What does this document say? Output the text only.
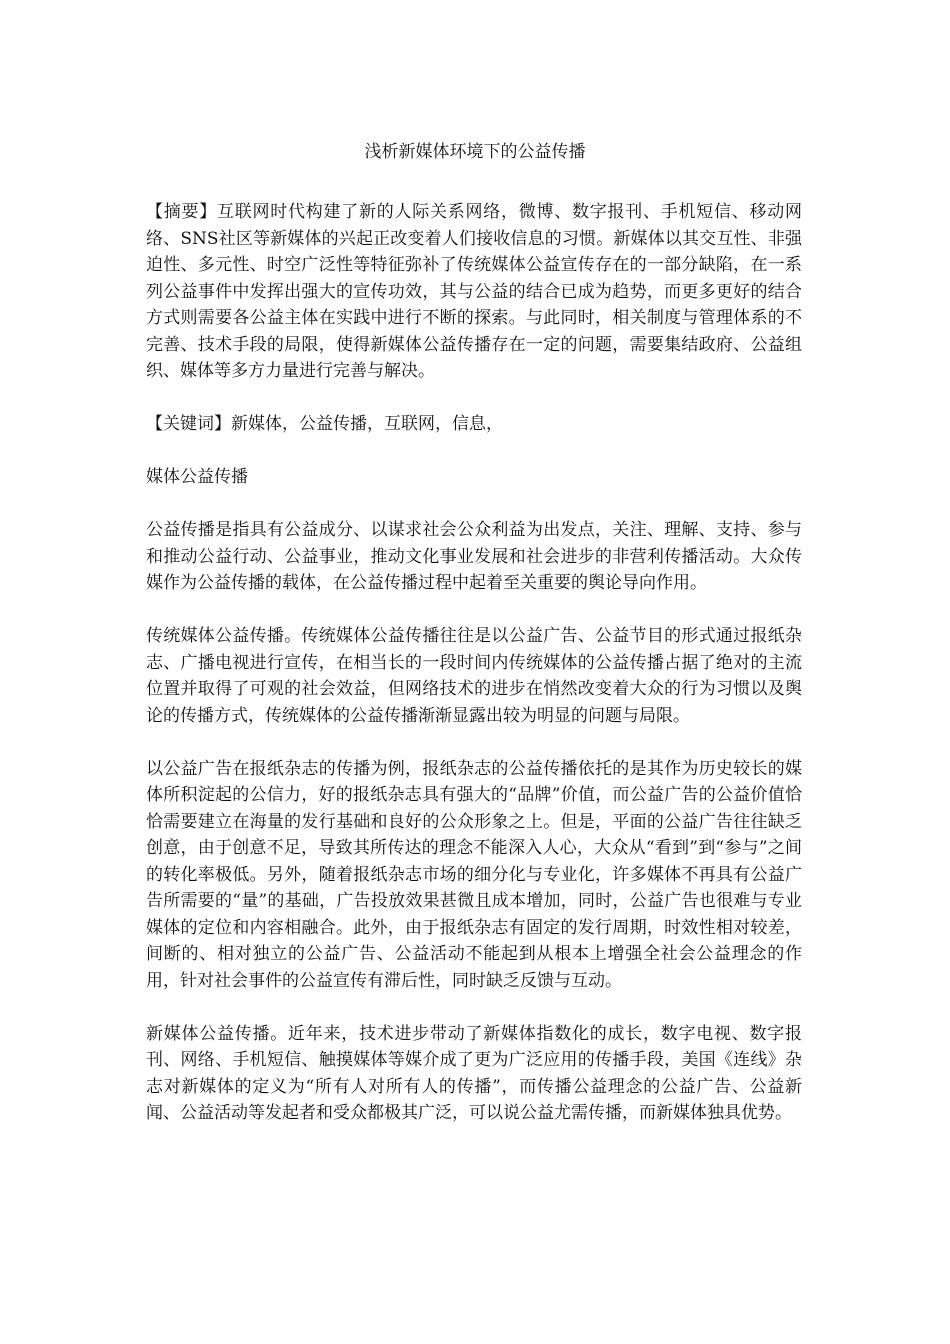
浅析新媒体环境下的公益传播

【摘要】互联网时代构建了新的人际关系网络，微博、数字报刊、手机短信、移动网络、SNS社区等新媒体的兴起正改变着人们接收信息的习惯。新媒体以其交互性、非强迫性、多元性、时空广泛性等特征弥补了传统媒体公益宣传存在的一部分缺陷，在一系列公益事件中发挥出强大的宣传功效，其与公益的结合已成为趋势，而更多更好的结合方式则需要各公益主体在实践中进行不断的探索。与此同时，相关制度与管理体系的不完善、技术手段的局限，使得新媒体公益传播存在一定的问题，需要集结政府、公益组织、媒体等多方力量进行完善与解决。

【关键词】新媒体，公益传播，互联网，信息，

媒体公益传播

公益传播是指具有公益成分、以谋求社会公众利益为出发点，关注、理解、支持、参与和推动公益行动、公益事业，推动文化事业发展和社会进步的非营利传播活动。大众传媒作为公益传播的载体，在公益传播过程中起着至关重要的舆论导向作用。

传统媒体公益传播。传统媒体公益传播往往是以公益广告、公益节目的形式通过报纸杂志、广播电视进行宣传，在相当长的一段时间内传统媒体的公益传播占据了绝对的主流位置并取得了可观的社会效益，但网络技术的进步在悄然改变着大众的行为习惯以及舆论的传播方式，传统媒体的公益传播渐渐显露出较为明显的问题与局限。

以公益广告在报纸杂志的传播为例，报纸杂志的公益传播依托的是其作为历史较长的媒体所积淀起的公信力，好的报纸杂志具有强大的“品牌”价值，而公益广告的公益价值恰恰需要建立在海量的发行基础和良好的公众形象之上。但是，平面的公益广告往往缺乏创意，由于创意不足，导致其所传达的理念不能深入人心，大众从“看到”到“参与”之间的转化率极低。另外，随着报纸杂志市场的细分化与专业化，许多媒体不再具有公益广告所需要的“量”的基础，广告投放效果甚微且成本增加，同时，公益广告也很难与专业媒体的定位和内容相融合。此外，由于报纸杂志有固定的发行周期，时效性相对较差，间断的、相对独立的公益广告、公益活动不能起到从根本上增强全社会公益理念的作用，针对社会事件的公益宣传有滞后性，同时缺乏反馈与互动。

新媒体公益传播。近年来，技术进步带动了新媒体指数化的成长，数字电视、数字报刊、网络、手机短信、触摸媒体等媒介成了更为广泛应用的传播手段，美国《连线》杂志对新媒体的定义为“所有人对所有人的传播”，而传播公益理念的公益广告、公益新闻、公益活动等发起者和受众都极其广泛，可以说公益尤需传播，而新媒体独具优势。
